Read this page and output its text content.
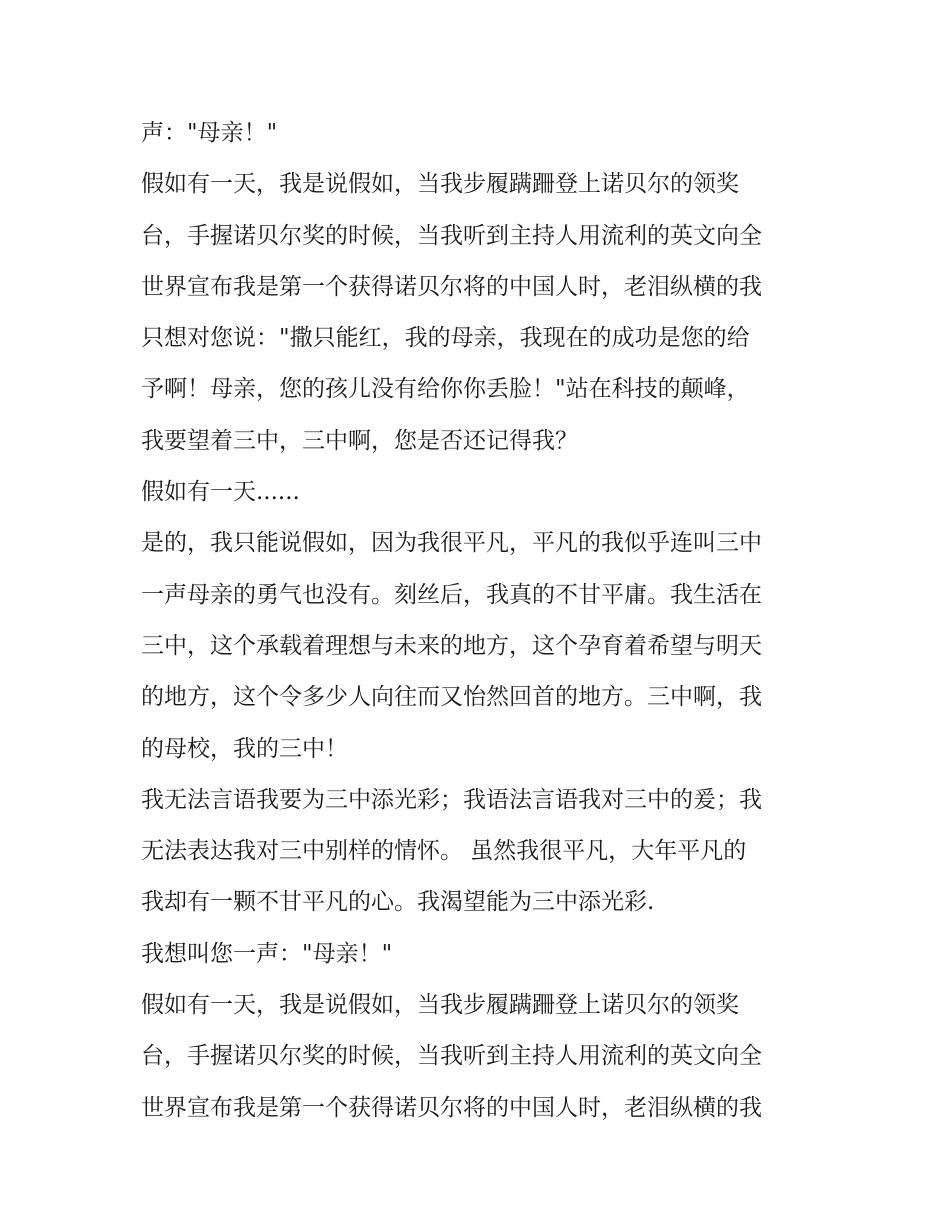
声："母亲！"
假如有一天，我是说假如，当我步履蹒跚登上诺贝尔的领奖
台，手握诺贝尔奖的时候，当我听到主持人用流利的英文向全
世界宣布我是第一个获得诺贝尔将的中国人时，老泪纵横的我
只想对您说："撒只能红，我的母亲，我现在的成功是您的给
予啊！母亲，您的孩儿没有给你你丢脸！"站在科技的颠峰，
我要望着三中，三中啊，您是否还记得我？
假如有一天......
是的，我只能说假如，因为我很平凡，平凡的我似乎连叫三中
一声母亲的勇气也没有。刻丝后，我真的不甘平庸。我生活在
三中，这个承载着理想与未来的地方，这个孕育着希望与明天
的地方，这个令多少人向往而又怡然回首的地方。三中啊，我
的母校，我的三中！
我无法言语我要为三中添光彩；我语法言语我对三中的爰；我
无法表达我对三中别样的情怀。 虽然我很平凡，大年平凡的
我却有一颗不甘平凡的心。我渴望能为三中添光彩.
我想叫您一声："母亲！"
假如有一天，我是说假如，当我步履蹒跚登上诺贝尔的领奖
台，手握诺贝尔奖的时候，当我听到主持人用流利的英文向全
世界宣布我是第一个获得诺贝尔将的中国人时，老泪纵横的我
